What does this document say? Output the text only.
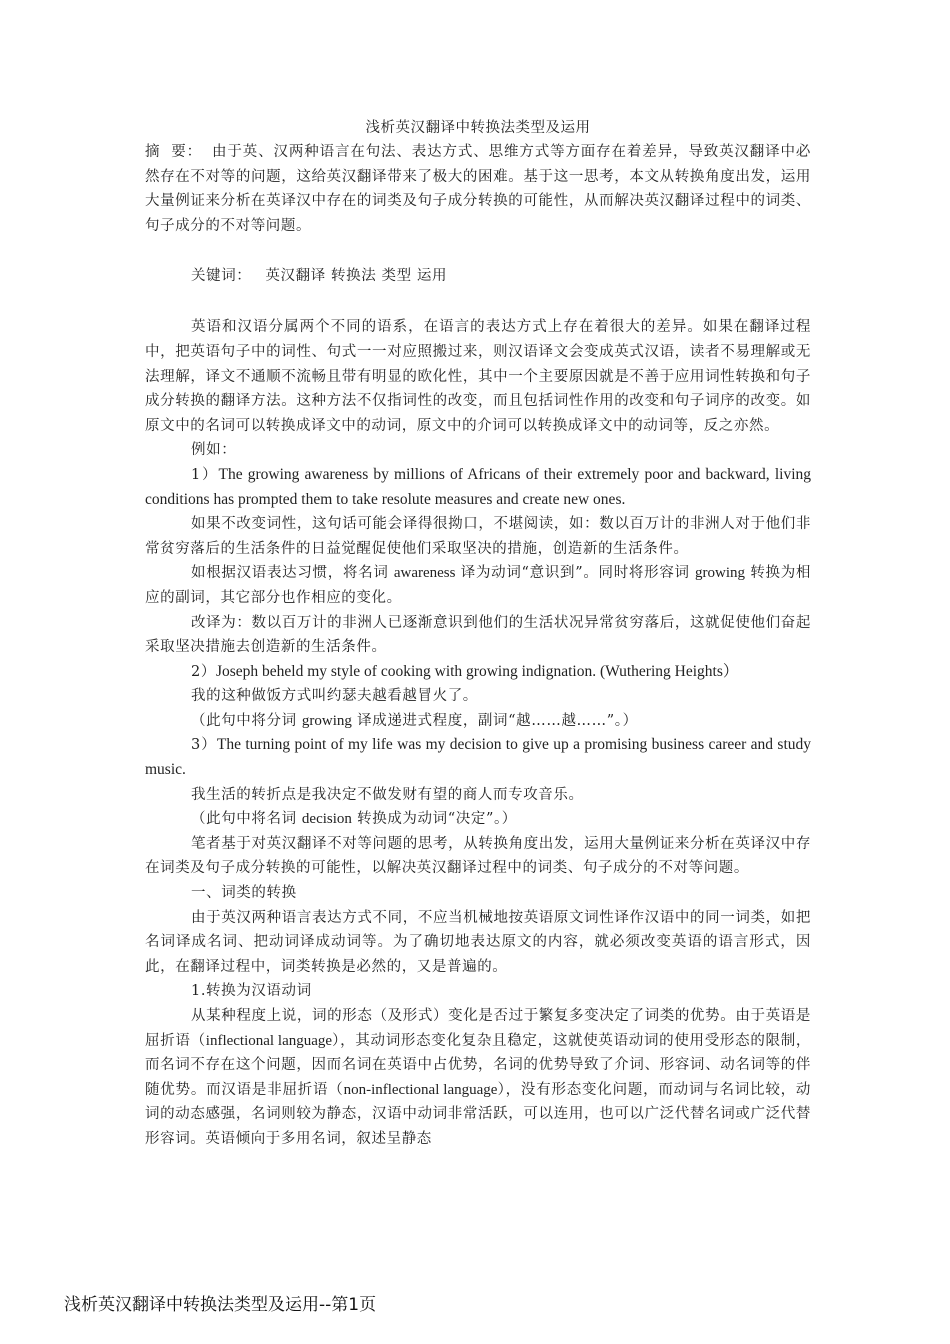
浅析英汉翻译中转换法类型及运用

摘  要： 由于英、汉两种语言在句法、表达方式、思维方式等方面存在着差异，导致英汉翻译中必然存在不对等的问题，这给英汉翻译带来了极大的困难。基于这一思考，本文从转换角度出发，运用大量例证来分析在英译汉中存在的词类及句子成分转换的可能性，从而解决英汉翻译过程中的词类、句子成分的不对等问题。

关键词： 英汉翻译 转换法 类型 运用

英语和汉语分属两个不同的语系，在语言的表达方式上存在着很大的差异。如果在翻译过程中，把英语句子中的词性、句式一一对应照搬过来，则汉语译文会变成英式汉语，读者不易理解或无法理解，译文不通顺不流畅且带有明显的欧化性，其中一个主要原因就是不善于应用词性转换和句子成分转换的翻译方法。这种方法不仅指词性的改变，而且包括词性作用的改变和句子词序的改变。如原文中的名词可以转换成译文中的动词，原文中的介词可以转换成译文中的动词等，反之亦然。

例如：

1）The growing awareness by millions of Africans of their extremely poor and backward, living conditions has prompted them to take resolute measures and create new ones.

如果不改变词性，这句话可能会译得很拗口，不堪阅读，如：数以百万计的非洲人对于他们非常贫穷落后的生活条件的日益觉醒促使他们采取坚决的措施，创造新的生活条件。

如根据汉语表达习惯，将名词 awareness 译为动词“意识到”。同时将形容词 growing 转换为相应的副词，其它部分也作相应的变化。

改译为：数以百万计的非洲人已逐渐意识到他们的生活状况异常贫穷落后，这就促使他们奋起采取坚决措施去创造新的生活条件。

2）Joseph beheld my style of cooking with growing indignation. (Wuthering Heights）

我的这种做饭方式叫约瑟夫越看越冒火了。

（此句中将分词 growing 译成递进式程度，副词“越……越……”。）

3）The turning point of my life was my decision to give up a promising business career and study music.

我生活的转折点是我决定不做发财有望的商人而专攻音乐。

（此句中将名词 decision 转换成为动词“决定”。）

笔者基于对英汉翻译不对等问题的思考，从转换角度出发，运用大量例证来分析在英译汉中存在词类及句子成分转换的可能性，以解决英汉翻译过程中的词类、句子成分的不对等问题。

一、词类的转换

由于英汉两种语言表达方式不同，不应当机械地按英语原文词性译作汉语中的同一词类，如把名词译成名词、把动词译成动词等。为了确切地表达原文的内容，就必须改变英语的语言形式，因此，在翻译过程中，词类转换是必然的，又是普遍的。

1.转换为汉语动词

从某种程度上说，词的形态（及形式）变化是否过于繁复多变决定了词类的优势。由于英语是屈折语（inflectional language），其动词形态变化复杂且稳定，这就使英语动词的使用受形态的限制，而名词不存在这个问题，因而名词在英语中占优势，名词的优势导致了介词、形容词、动名词等的伴随优势。而汉语是非屈折语（non-inflectional language），没有形态变化问题，而动词与名词比较，动词的动态感强，名词则较为静态，汉语中动词非常活跃，可以连用，也可以广泛代替名词或广泛代替形容词。英语倾向于多用名词，叙述呈静态

浅析英汉翻译中转换法类型及运用--第1页
